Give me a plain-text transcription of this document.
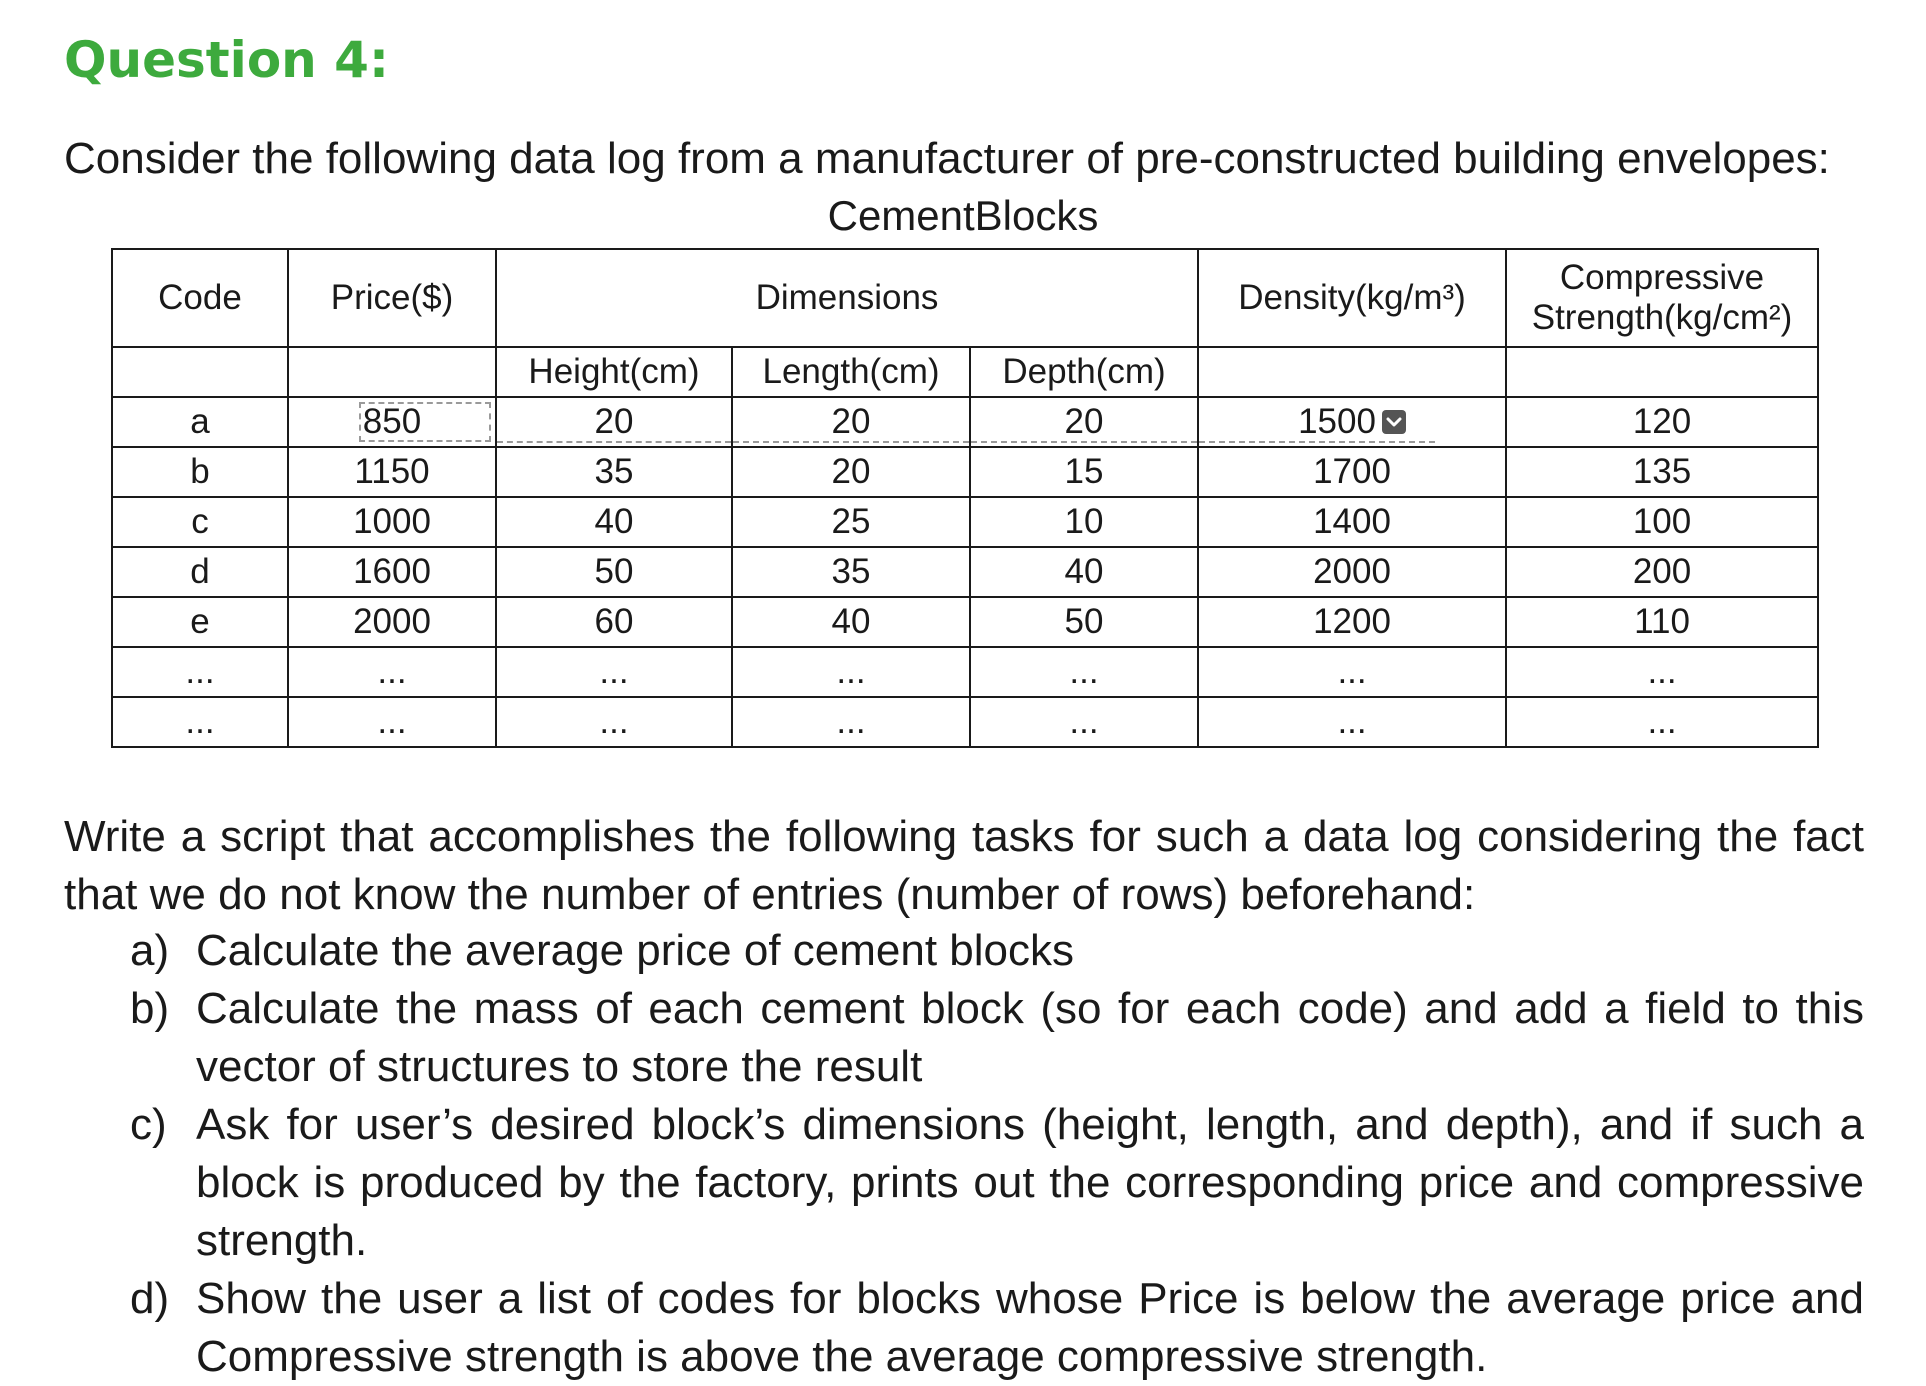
Question 4:

Consider the following data log from a manufacturer of pre-constructed building envelopes:

CementBlocks

Code	Price($)	Dimensions			Density(kg/m³)	Compressive
Strength(kg/cm²)

		Height(cm)	Length(cm)	Depth(cm)		
a	850	20	20	20	1500	120
b	1150	35	20	15	1700	135
c	1000	40	25	10	1400	100
d	1600	50	35	40	2000	200
e	2000	60	40	50	1200	110
...	...	...	...	...	...	...
...	...	...	...	...	...	...

Write a script that accomplishes the following tasks for such a data log considering the fact that we do not know the number of entries (number of rows) beforehand:

a) Calculate the average price of cement blocks
b) Calculate the mass of each cement block (so for each code) and add a field to this vector of structures to store the result
c) Ask for user’s desired block’s dimensions (height, length, and depth), and if such a block is produced by the factory, prints out the corresponding price and compressive strength.
d) Show the user a list of codes for blocks whose Price is below the average price and Compressive strength is above the average compressive strength.
